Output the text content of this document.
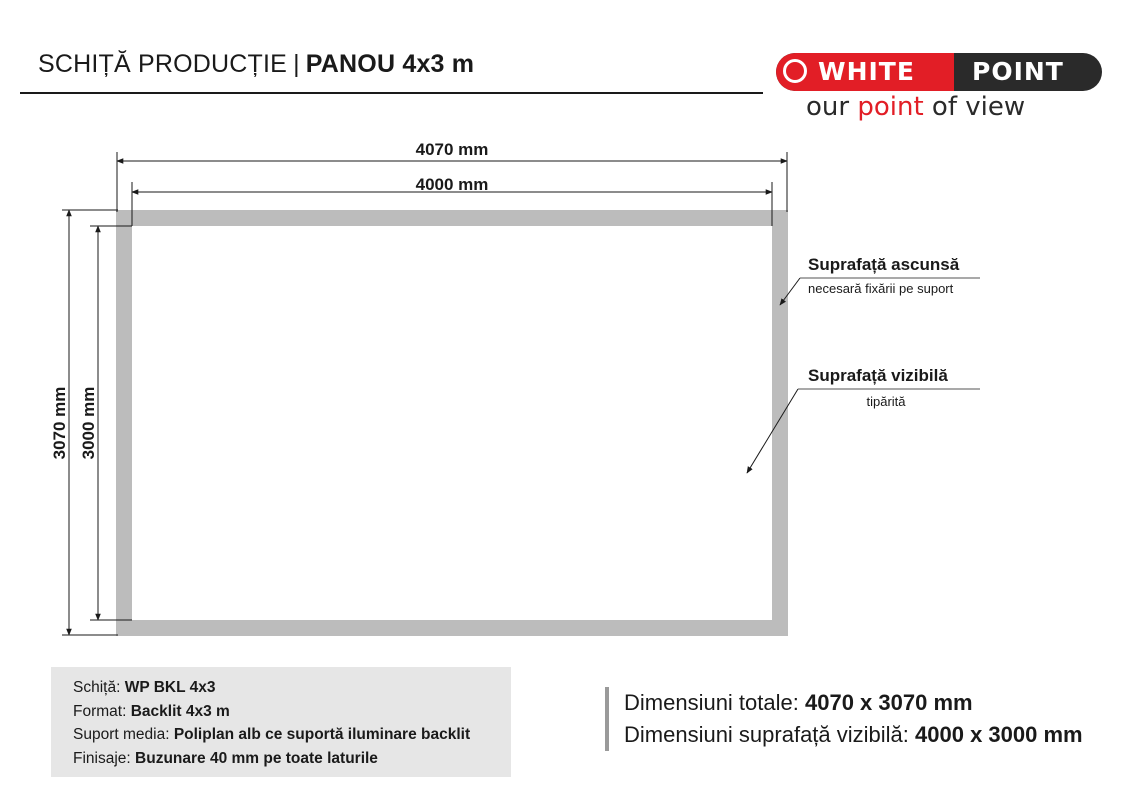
SCHIȚĂ PRODUCȚIE | PANOU 4x3 m	WHITE POINT
our point of view
4070 mm
4000 mm
3070 mm 3000 mm
Suprafață ascunsă
necesară fixării pe suport
Suprafață vizibilă
tipărită
Schiță: WP BKL 4x3
Format: Backlit 4x3 m
Suport media: Poliplan alb ce suportă iluminare backlit
Finisaje: Buzunare 40 mm pe toate laturile
Dimensiuni totale: 4070 x 3070 mm
Dimensiuni suprafață vizibilă: 4000 x 3000 mm
